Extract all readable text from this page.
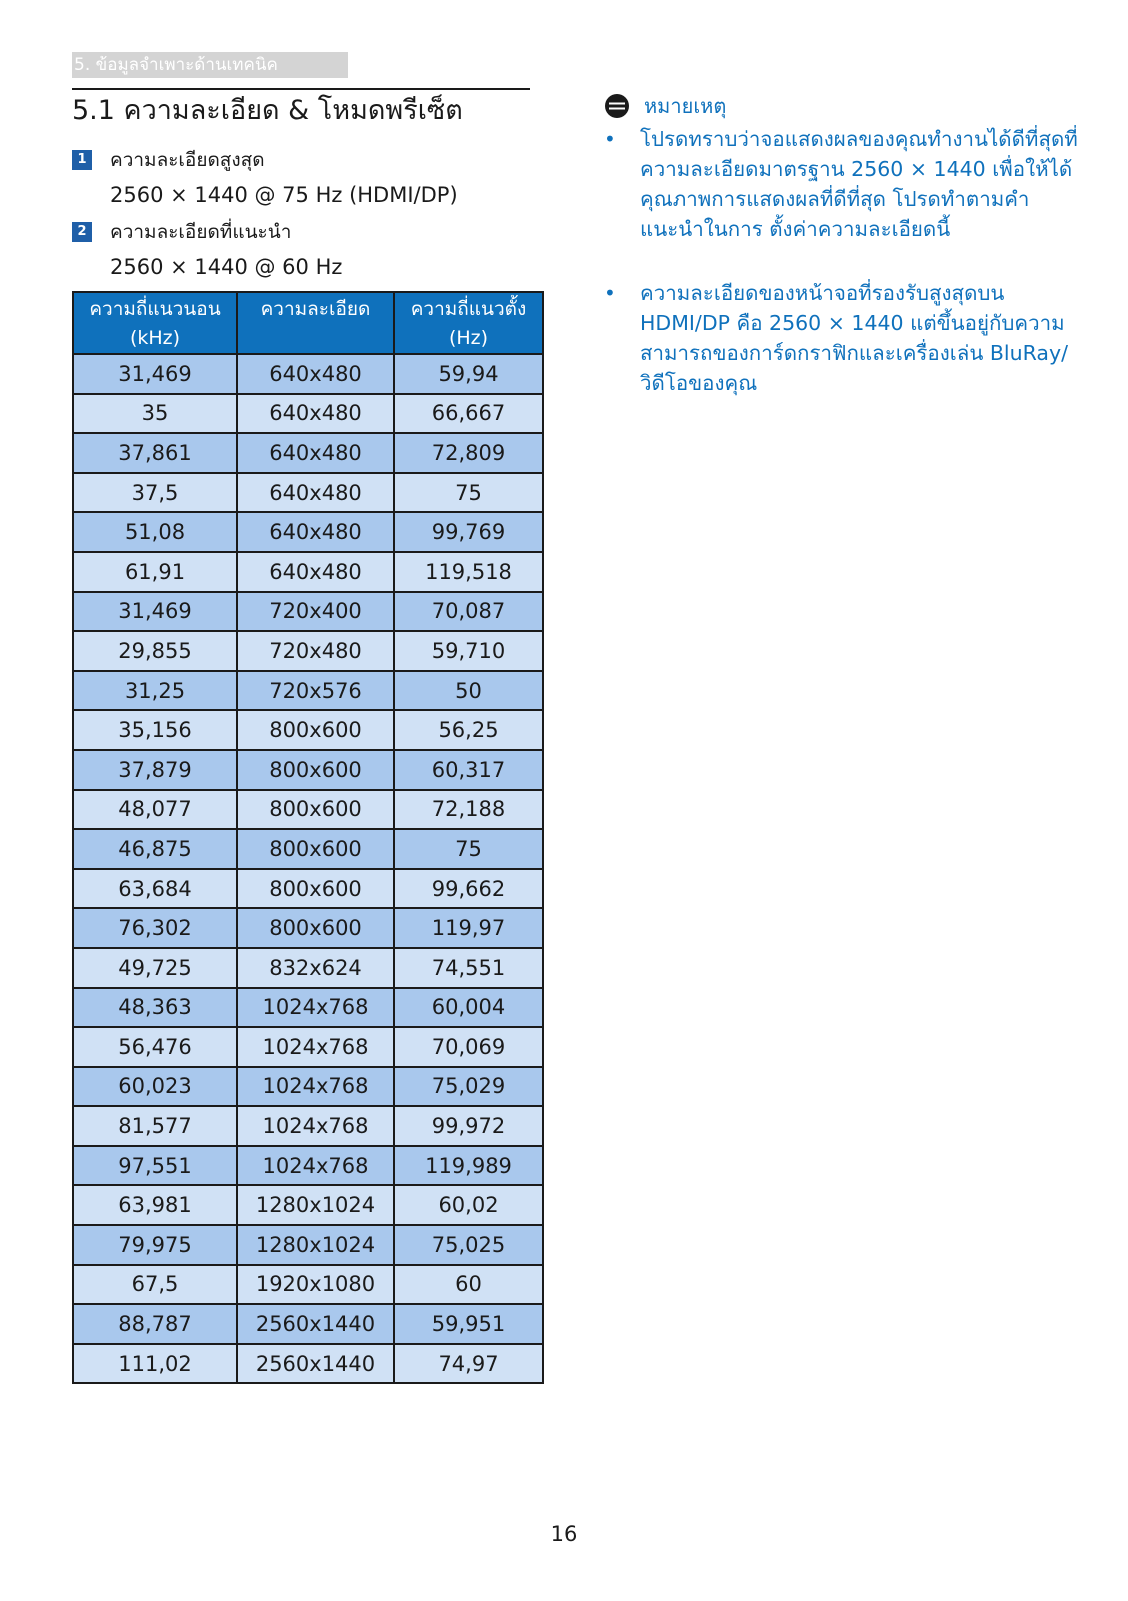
5. ข้อมูลจำเพาะด้านเทคนิค
5.1 ความละเอียด & โหมดพรีเซ็ต
1 ความละเอียดสูงสุด
2560 × 1440 @ 75 Hz (HDMI/DP)
2 ความละเอียดที่แนะนำ
2560 × 1440 @ 60 Hz
ความถี่แนวนอน (kHz)	ความละเอียด	ความถี่แนวตั้ง (Hz)
31,469	640x480	59,94
35	640x480	66,667
37,861	640x480	72,809
37,5	640x480	75
51,08	640x480	99,769
61,91	640x480	119,518
31,469	720x400	70,087
29,855	720x480	59,710
31,25	720x576	50
35,156	800x600	56,25
37,879	800x600	60,317
48,077	800x600	72,188
46,875	800x600	75
63,684	800x600	99,662
76,302	800x600	119,97
49,725	832x624	74,551
48,363	1024x768	60,004
56,476	1024x768	70,069
60,023	1024x768	75,029
81,577	1024x768	99,972
97,551	1024x768	119,989
63,981	1280x1024	60,02
79,975	1280x1024	75,025
67,5	1920x1080	60
88,787	2560x1440	59,951
111,02	2560x1440	74,97
หมายเหตุ
• โปรดทราบว่าจอแสดงผลของคุณทำงานได้ดีที่สุดที่ความละเอียดมาตรฐาน 2560 × 1440 เพื่อให้ได้คุณภาพการแสดงผลที่ดีที่สุด โปรดทำตามคำแนะนำในการ ตั้งค่าความละเอียดนี้
• ความละเอียดของหน้าจอที่รองรับสูงสุดบน HDMI/DP คือ 2560 × 1440 แต่ขึ้นอยู่กับความสามารถของการ์ดกราฟิกและเครื่องเล่น BluRay/วิดีโอของคุณ
16
